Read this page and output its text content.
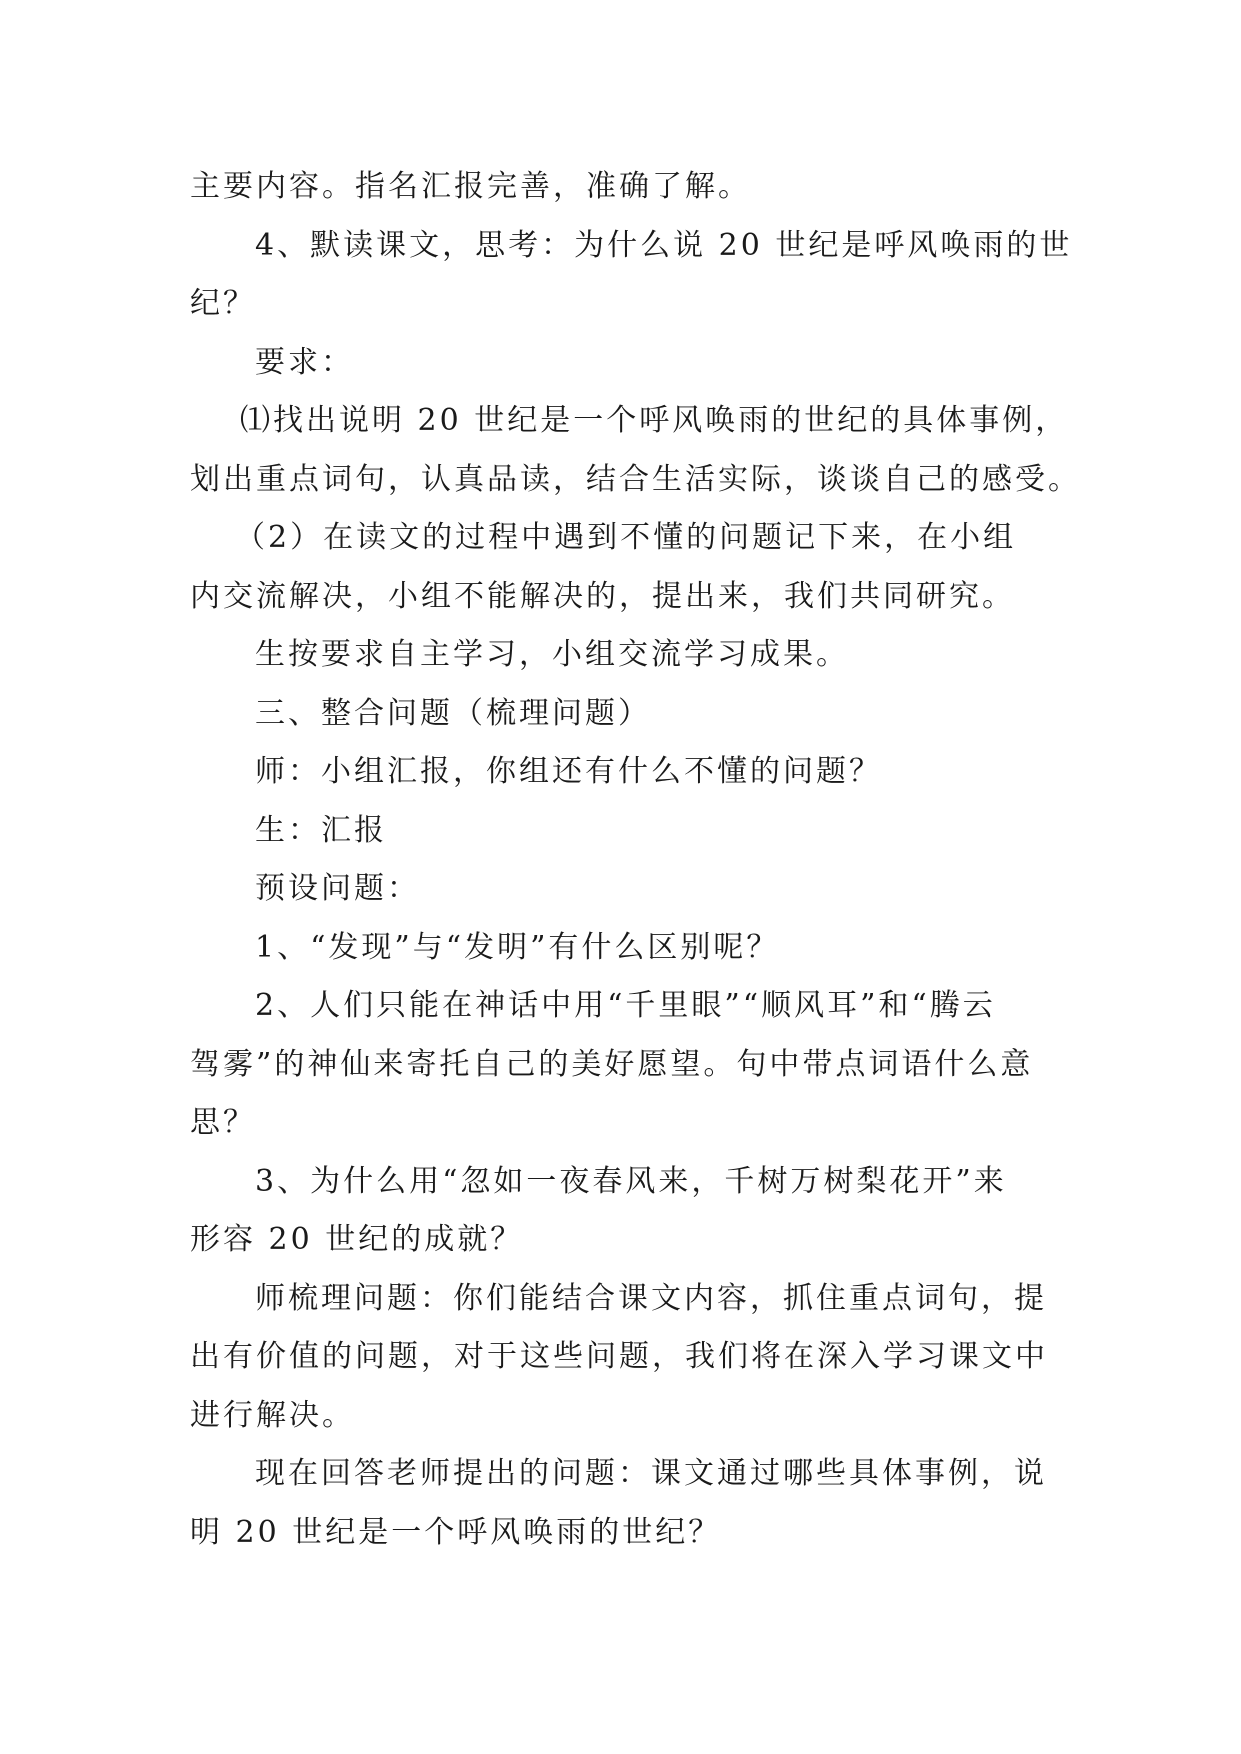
主要内容。指名汇报完善，准确了解。
4、默读课文，思考：为什么说 20 世纪是呼风唤雨的世
纪？
要求：
⑴找出说明 20 世纪是一个呼风唤雨的世纪的具体事例，
划出重点词句，认真品读，结合生活实际，谈谈自己的感受。
（2）在读文的过程中遇到不懂的问题记下来，在小组
内交流解决，小组不能解决的，提出来，我们共同研究。
生按要求自主学习，小组交流学习成果。
三、整合问题（梳理问题）
师：小组汇报，你组还有什么不懂的问题？
生：汇报
预设问题：
1、“发现”与“发明”有什么区别呢？
2、人们只能在神话中用“千里眼”“顺风耳”和“腾云
驾雾”的神仙来寄托自己的美好愿望。句中带点词语什么意
思？
3、为什么用“忽如一夜春风来，千树万树梨花开”来
形容 20 世纪的成就？
师梳理问题：你们能结合课文内容，抓住重点词句，提
出有价值的问题，对于这些问题，我们将在深入学习课文中
进行解决。
现在回答老师提出的问题：课文通过哪些具体事例，说
明 20 世纪是一个呼风唤雨的世纪？
